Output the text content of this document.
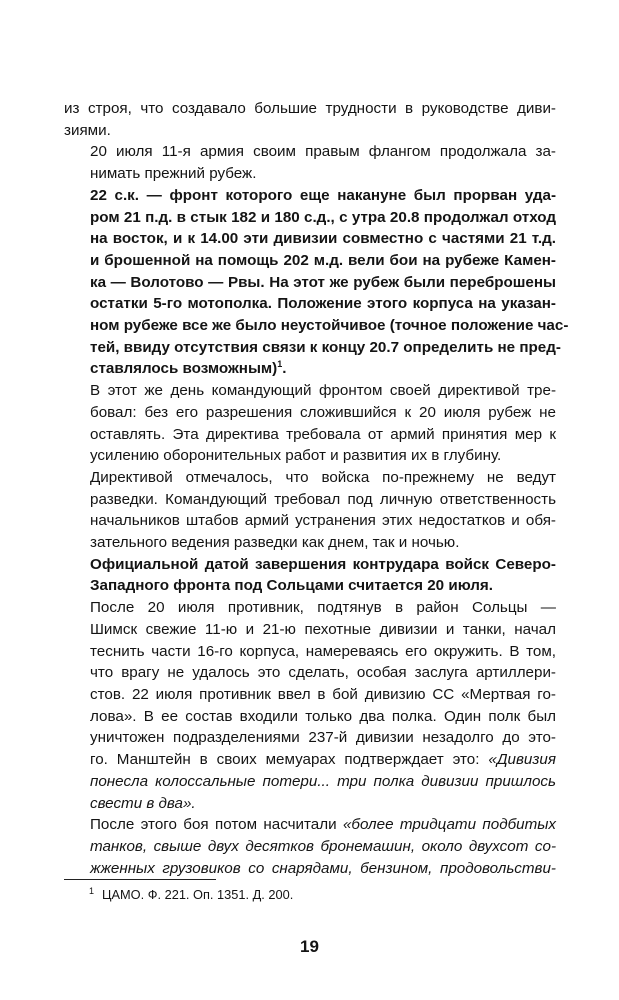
из строя, что создавало большие трудности в руководстве диви-
зиями.

20 июля 11-я армия своим правым флангом продолжала за-
нимать прежний рубеж.

22 с.к. — фронт которого еще накануне был прорван уда-
ром 21 п.д. в стык 182 и 180 с.д., с утра 20.8 продолжал отход
на восток, и к 14.00 эти дивизии совместно с частями 21 т.д.
и брошенной на помощь 202 м.д. вели бои на рубеже Камен-
ка — Волотово — Рвы. На этот же рубеж были переброшены
остатки 5-го мотополка. Положение этого корпуса на указан-
ном рубеже все же было неустойчивое (точное положение час-
тей, ввиду отсутствия связи к концу 20.7 определить не пред-
ставлялось возможным)$^1$.

В этот же день командующий фронтом своей директивой тре-
бовал: без его разрешения сложившийся к 20 июля рубеж не
оставлять. Эта директива требовала от армий принятия мер к
усилению оборонительных работ и развития их в глубину.

Директивой отмечалось, что войска по-прежнему не ведут
разведки. Командующий требовал под личную ответственность
начальников штабов армий устранения этих недостатков и обя-
зательного ведения разведки как днем, так и ночью.

Официальной датой завершения контрудара войск Северо-
Западного фронта под Сольцами считается 20 июля.

После 20 июля противник, подтянув в район Сольцы —
Шимск свежие 11-ю и 21-ю пехотные дивизии и танки, начал
теснить части 16-го корпуса, намереваясь его окружить. В том,
что врагу не удалось это сделать, особая заслуга артиллери-
стов. 22 июля противник ввел в бой дивизию СС «Мертвая го-
лова». В ее состав входили только два полка. Один полк был
уничтожен подразделениями 237-й дивизии незадолго до это-
го. Манштейн в своих мемуарах подтверждает это: «Дивизия
понесла колоссальные потери... три полка дивизии пришлось
свести в два».

После этого боя потом насчитали «более тридцати подбитых
танков, свыше двух десятков бронемашин, около двухсот со-
жженных грузовиков со снарядами, бензином, продовольстви-

$^1$ ЦАМО. Ф. 221. Оп. 1351. Д. 200.
19
